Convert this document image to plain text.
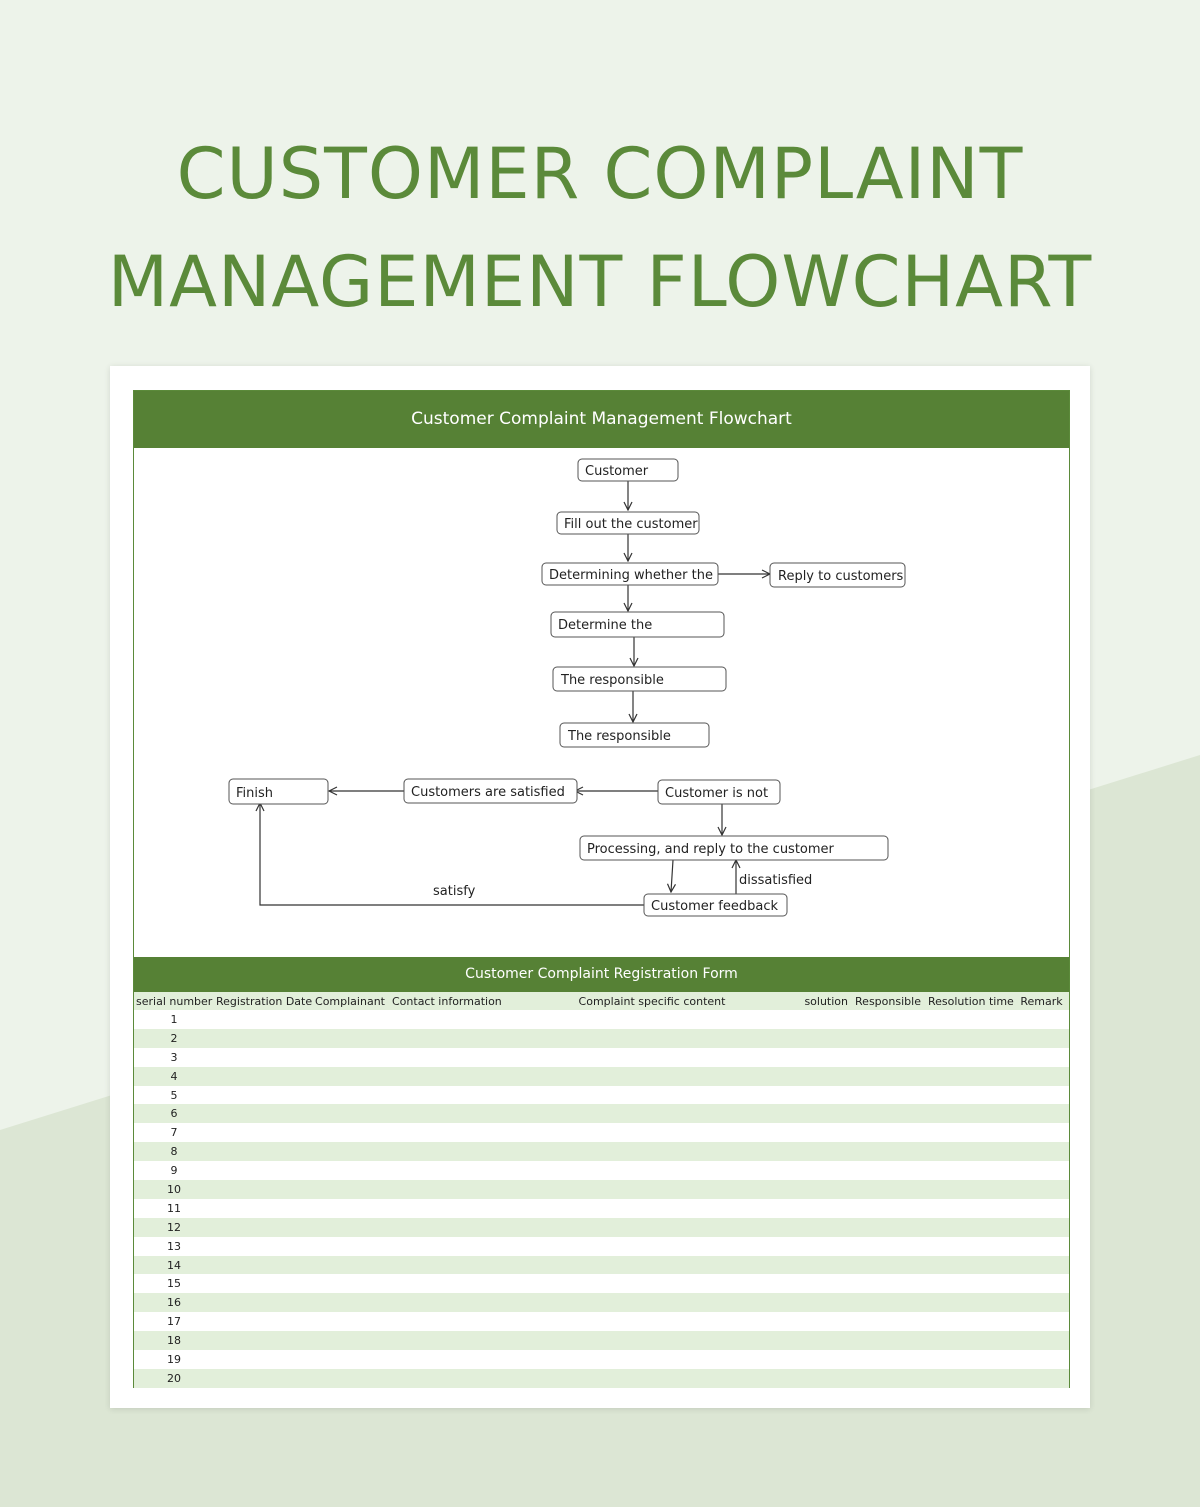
CUSTOMER COMPLAINT
MANAGEMENT FLOWCHART
Customer Complaint Management Flowchart
Customer
Fill out the customer
Determining whether the	Reply to customers
Determine the
The responsible
The responsible
Customer is not
Customers are satisfied
Finish
Processing, and reply to the customer
Customer feedback
dissatisfied
satisfy
Customer Complaint Registration Form
serial number	Registration Date	Complainant	Contact information	Complaint specific content	solution	Responsible	Resolution time	Remark
1								
2								
3								
4								
5								
6								
7								
8								
9								
10								
11								
12								
13								
14								
15								
16								
17								
18								
19								
20								
